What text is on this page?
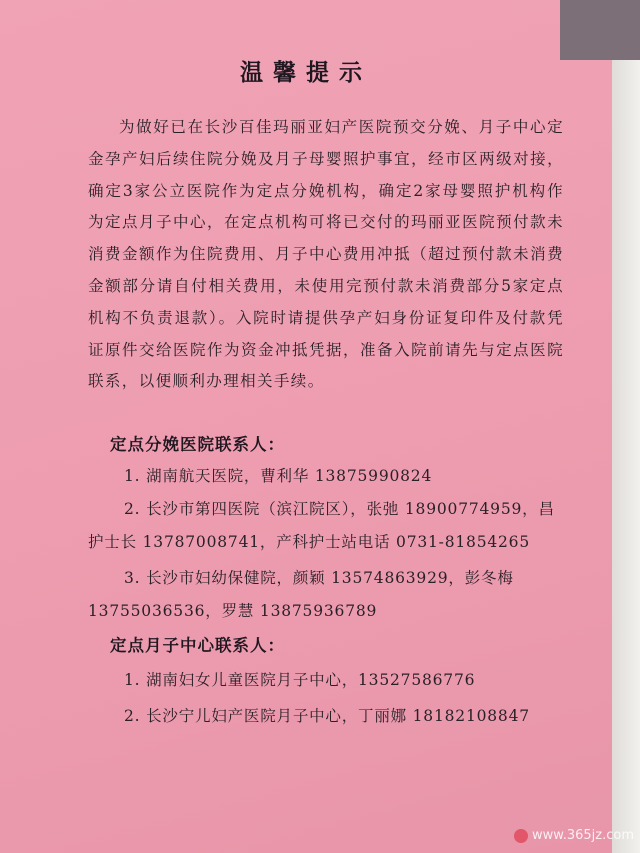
温馨提示

为做好已在长沙百佳玛丽亚妇产医院预交分娩、月子中心定金孕产妇后续住院分娩及月子母婴照护事宜，经市区两级对接，确定3家公立医院作为定点分娩机构，确定2家母婴照护机构作为定点月子中心，在定点机构可将已交付的玛丽亚医院预付款未消费金额作为住院费用、月子中心费用冲抵（超过预付款未消费金额部分请自付相关费用，未使用完预付款未消费部分5家定点机构不负责退款）。入院时请提供孕产妇身份证复印件及付款凭证原件交给医院作为资金冲抵凭据，准备入院前请先与定点医院联系，以便顺利办理相关手续。

定点分娩医院联系人：

1. 湖南航天医院，曹利华 13875990824

2. 长沙市第四医院（滨江院区），张弛 18900774959，昌
护士长 13787008741，产科护士站电话 0731-81854265

3. 长沙市妇幼保健院，颜颖 13574863929，彭冬梅
13755036536，罗慧 13875936789

定点月子中心联系人：

1. 湖南妇女儿童医院月子中心，13527586776

2. 长沙宁儿妇产医院月子中心，丁丽娜 18182108847

www.365jz.com
